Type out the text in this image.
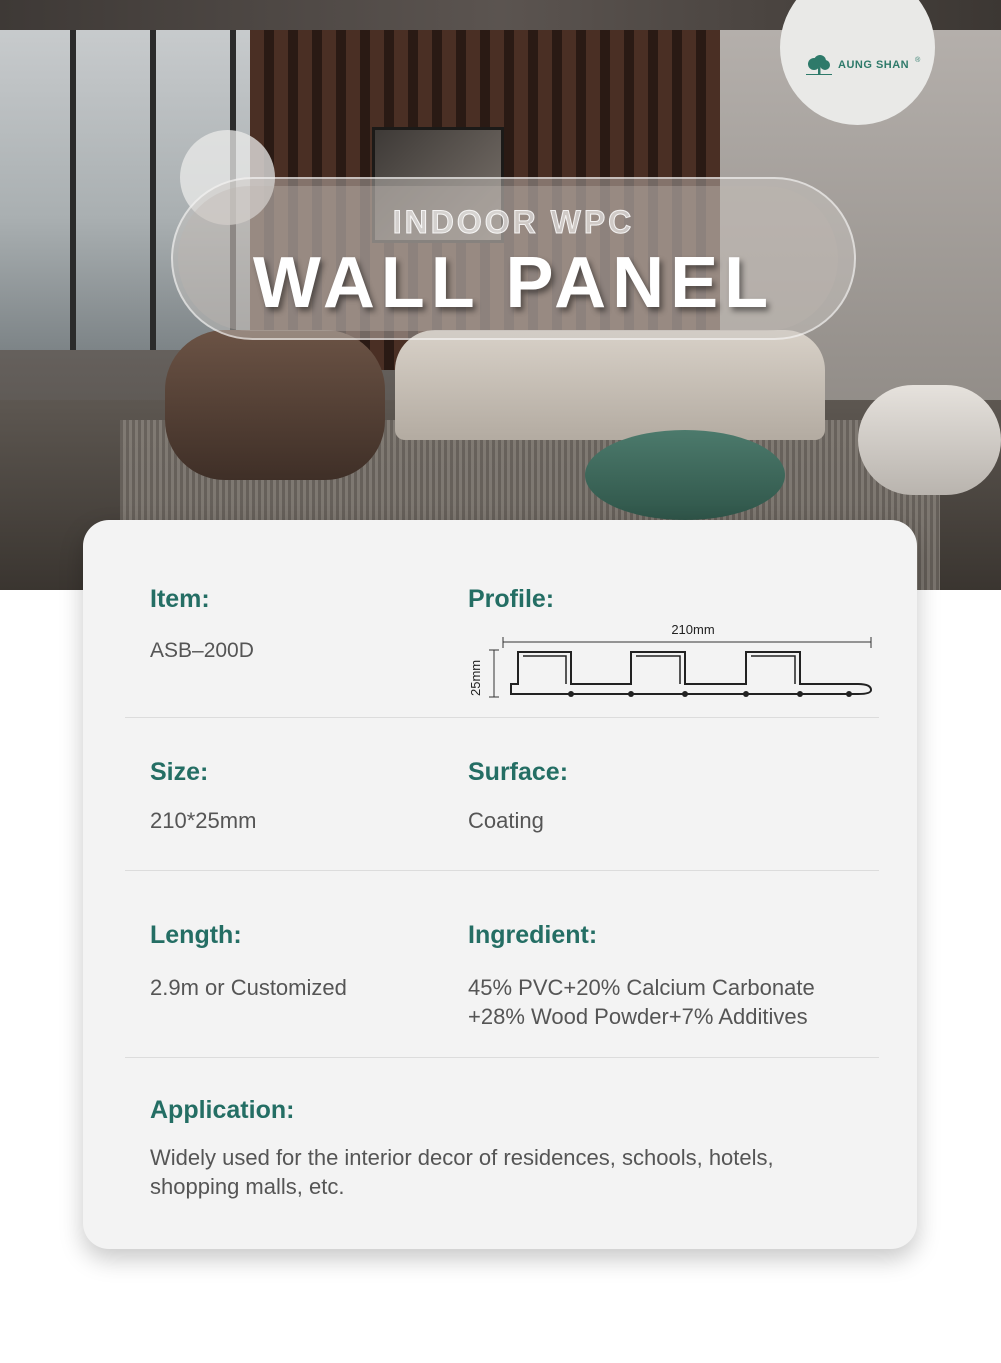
AUNG SHAN ®
INDOOR WPC
WALL PANEL
Item:
ASB–200D
Profile:
210mm
25mm
Size:
210*25mm
Surface:
Coating
Length:
2.9m or Customized
Ingredient:
45% PVC+20% Calcium Carbonate
+28% Wood Powder+7% Additives
Application:
Widely used for the interior decor of residences, schools, hotels,
shopping malls, etc.
